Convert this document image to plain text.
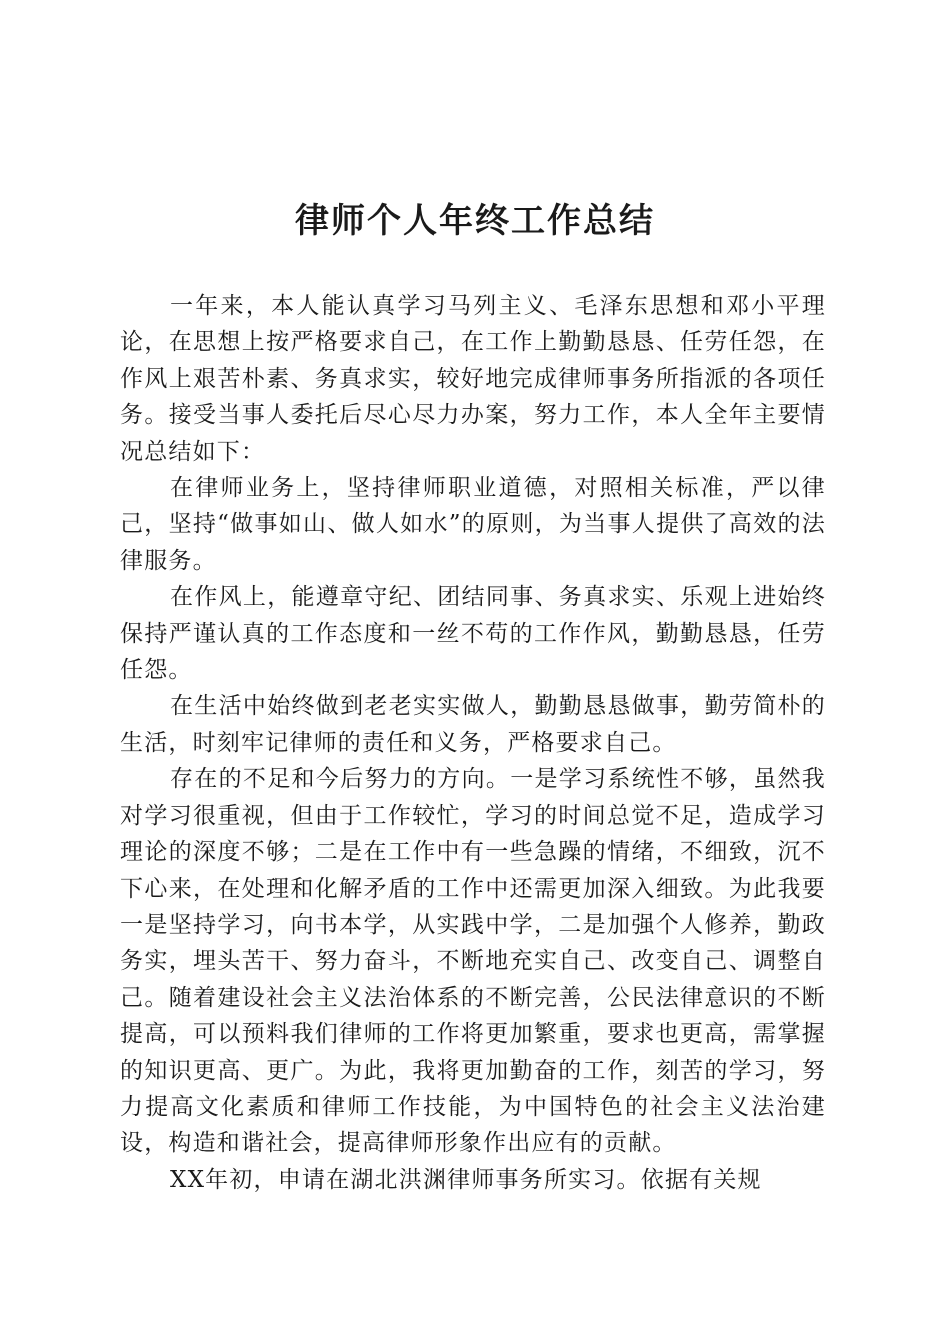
律师个人年终工作总结

一年来，本人能认真学习马列主义、毛泽东思想和邓小平理论，在思想上按严格要求自己，在工作上勤勤恳恳、任劳任怨，在作风上艰苦朴素、务真求实，较好地完成律师事务所指派的各项任务。接受当事人委托后尽心尽力办案，努力工作，本人全年主要情况总结如下：

在律师业务上，坚持律师职业道德，对照相关标准，严以律己，坚持“做事如山、做人如水”的原则，为当事人提供了高效的法律服务。

在作风上，能遵章守纪、团结同事、务真求实、乐观上进始终保持严谨认真的工作态度和一丝不苟的工作作风，勤勤恳恳，任劳任怨。

在生活中始终做到老老实实做人，勤勤恳恳做事，勤劳简朴的生活，时刻牢记律师的责任和义务，严格要求自己。

存在的不足和今后努力的方向。一是学习系统性不够，虽然我对学习很重视，但由于工作较忙，学习的时间总觉不足，造成学习理论的深度不够；二是在工作中有一些急躁的情绪，不细致，沉不下心来，在处理和化解矛盾的工作中还需更加深入细致。为此我要一是坚持学习，向书本学，从实践中学，二是加强个人修养，勤政务实，埋头苦干、努力奋斗，不断地充实自己、改变自己、调整自己。随着建设社会主义法治体系的不断完善，公民法律意识的不断提高，可以预料我们律师的工作将更加繁重，要求也更高，需掌握的知识更高、更广。为此，我将更加勤奋的工作，刻苦的学习，努力提高文化素质和律师工作技能，为中国特色的社会主义法治建设，构造和谐社会，提高律师形象作出应有的贡献。

XX年初，申请在湖北洪渊律师事务所实习。依据有关规
